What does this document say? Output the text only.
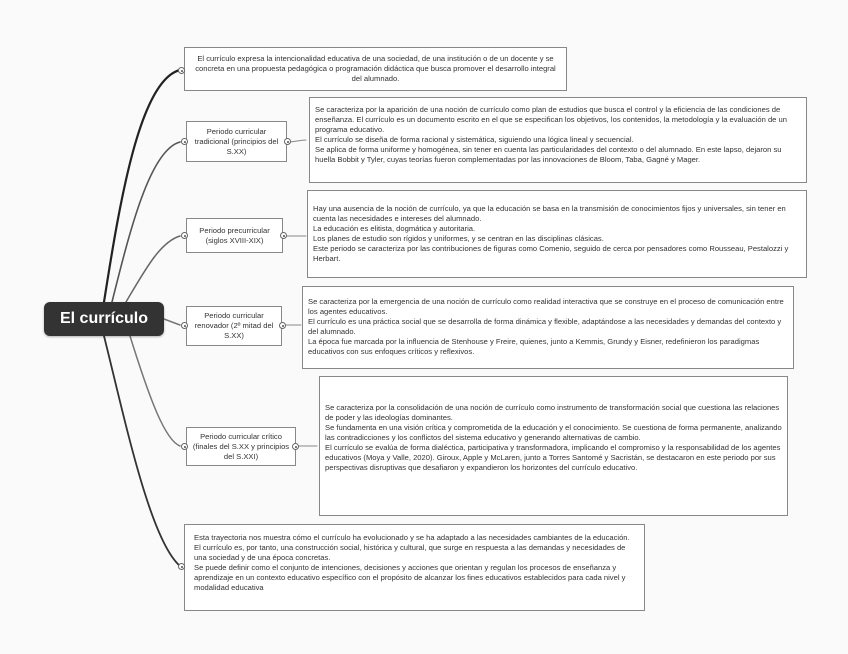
El currículo

El currículo expresa la intencionalidad educativa de una sociedad, de una institución o de un docente y se concreta en una propuesta pedagógica o programación didáctica que busca promover el desarrollo integral del alumnado.

Periodo curricular tradicional (principios del S.XX)

Se caracteriza por la aparición de una noción de currículo como plan de estudios que busca el control y la eficiencia de las condiciones de enseñanza. El currículo es un documento escrito en el que se especifican los objetivos, los contenidos, la metodología y la evaluación de un programa educativo.

El currículo se diseña de forma racional y sistemática, siguiendo una lógica lineal y secuencial.

Se aplica de forma uniforme y homogénea, sin tener en cuenta las particularidades del contexto o del alumnado. En este lapso, dejaron su huella Bobbit y Tyler, cuyas teorías fueron complementadas por las innovaciones de Bloom, Taba, Gagné y Mager.

Periodo precurricular (siglos XVIII-XIX)

Hay una ausencia de la noción de currículo, ya que la educación se basa en la transmisión de conocimientos fijos y universales, sin tener en cuenta las necesidades e intereses del alumnado.

La educación es elitista, dogmática y autoritaria.

Los planes de estudio son rígidos y uniformes, y se centran en las disciplinas clásicas.

Este periodo se caracteriza por las contribuciones de figuras como Comenio, seguido de cerca por pensadores como Rousseau, Pestalozzi y Herbart.

Periodo curricular renovador (2º mitad del S.XX)

Se caracteriza por la emergencia de una noción de currículo como realidad interactiva que se construye en el proceso de comunicación entre los agentes educativos.

El currículo es una práctica social que se desarrolla de forma dinámica y flexible, adaptándose a las necesidades y demandas del contexto y del alumnado.

La época fue marcada por la influencia de Stenhouse y Freire, quienes, junto a Kemmis, Grundy y Eisner, redefinieron los paradigmas educativos con sus enfoques críticos y reflexivos.

Periodo curricular crítico (finales del S.XX y principios del S.XXI)

Se caracteriza por la consolidación de una noción de currículo como instrumento de transformación social que cuestiona las relaciones de poder y las ideologías dominantes.

Se fundamenta en una visión crítica y comprometida de la educación y el conocimiento. Se cuestiona de forma permanente, analizando las contradicciones y los conflictos del sistema educativo y generando alternativas de cambio.

El currículo se evalúa de forma dialéctica, participativa y transformadora, implicando el compromiso y la responsabilidad de los agentes educativos (Moya y Valle, 2020). Giroux, Apple y McLaren, junto a Torres Santomé y Sacristán, se destacaron en este periodo por sus perspectivas disruptivas que desafiaron y expandieron los horizontes del currículo educativo.

Esta trayectoria nos muestra cómo el currículo ha evolucionado y se ha adaptado a las necesidades cambiantes de la educación.

El currículo es, por tanto, una construcción social, histórica y cultural, que surge en respuesta a las demandas y necesidades de una sociedad y de una época concretas.

Se puede definir como el conjunto de intenciones, decisiones y acciones que orientan y regulan los procesos de enseñanza y aprendizaje en un contexto educativo específico con el propósito de alcanzar los fines educativos establecidos para cada nivel y modalidad educativa
